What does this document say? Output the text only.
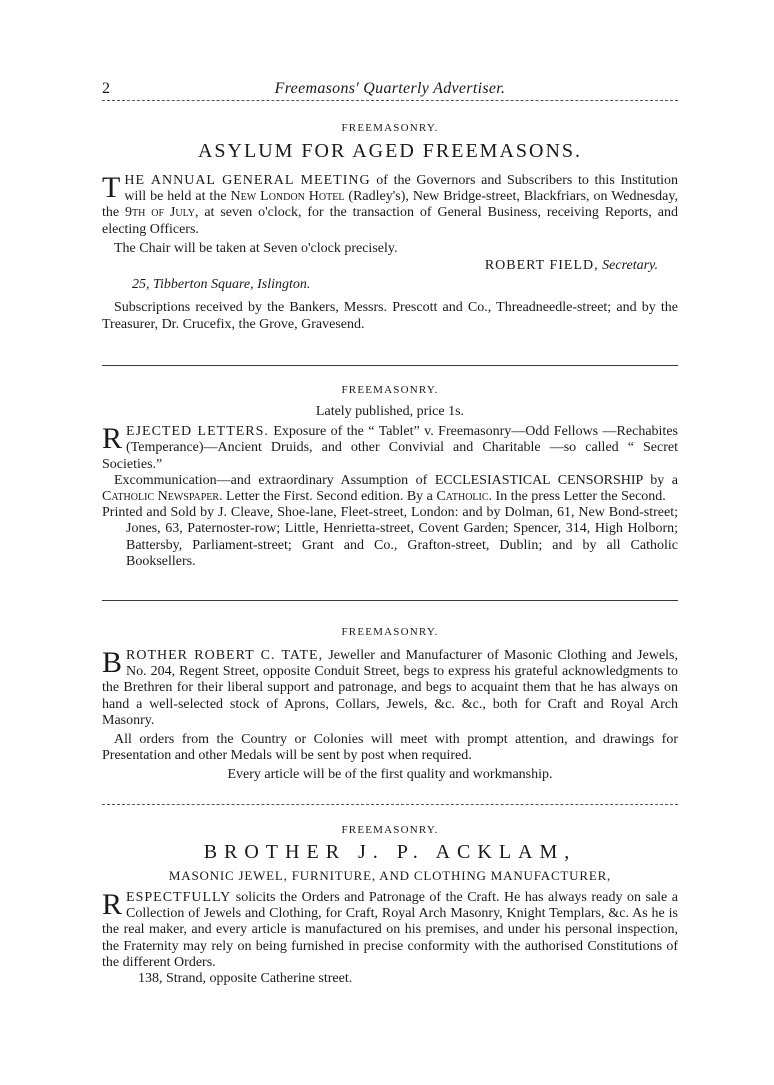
2	Freemasons' Quarterly Advertiser.
FREEMASONRY.
ASYLUM FOR AGED FREEMASONS.

THE ANNUAL GENERAL MEETING of the Governors and Subscribers to this Institution will be held at the New London Hotel (Radley's), New Bridge-street, Blackfriars, on Wednesday, the 9th of July, at seven o'clock, for the transaction of General Business, receiving Reports, and electing Officers.

The Chair will be taken at Seven o'clock precisely.

ROBERT FIELD, Secretary.

25, Tibberton Square, Islington.

Subscriptions received by the Bankers, Messrs. Prescott and Co., Threadneedle-street; and by the Treasurer, Dr. Crucefix, the Grove, Gravesend.

FREEMASONRY.
Lately published, price 1s.

REJECTED LETTERS. Exposure of the “ Tablet” v. Freemasonry—Odd Fellows —Rechabites (Temperance)—Ancient Druids, and other Convivial and Charitable —so called “ Secret Societies.”

Excommunication—and extraordinary Assumption of ECCLESIASTICAL CENSORSHIP by a Catholic Newspaper. Letter the First. Second edition. By a Catholic. In the press Letter the Second.

Printed and Sold by J. Cleave, Shoe-lane, Fleet-street, London: and by Dolman, 61, New Bond-street; Jones, 63, Paternoster-row; Little, Henrietta-street, Covent Garden; Spencer, 314, High Holborn; Battersby, Parliament-street; Grant and Co., Grafton-street, Dublin; and by all Catholic Booksellers.

FREEMASONRY.

BROTHER ROBERT C. TATE, Jeweller and Manufacturer of Masonic Clothing and Jewels, No. 204, Regent Street, opposite Conduit Street, begs to express his grateful acknowledgments to the Brethren for their liberal support and patronage, and begs to acquaint them that he has always on hand a well-selected stock of Aprons, Collars, Jewels, &c. &c., both for Craft and Royal Arch Masonry.

All orders from the Country or Colonies will meet with prompt attention, and drawings for Presentation and other Medals will be sent by post when required.

Every article will be of the first quality and workmanship.

FREEMASONRY.
BROTHER J. P. ACKLAM,
MASONIC JEWEL, FURNITURE, AND CLOTHING MANUFACTURER,

RESPECTFULLY solicits the Orders and Patronage of the Craft. He has always ready on sale a Collection of Jewels and Clothing, for Craft, Royal Arch Masonry, Knight Templars, &c. As he is the real maker, and every article is manufactured on his premises, and under his personal inspection, the Fraternity may rely on being furnished in precise conformity with the authorised Constitutions of the different Orders.

138, Strand, opposite Catherine street.
